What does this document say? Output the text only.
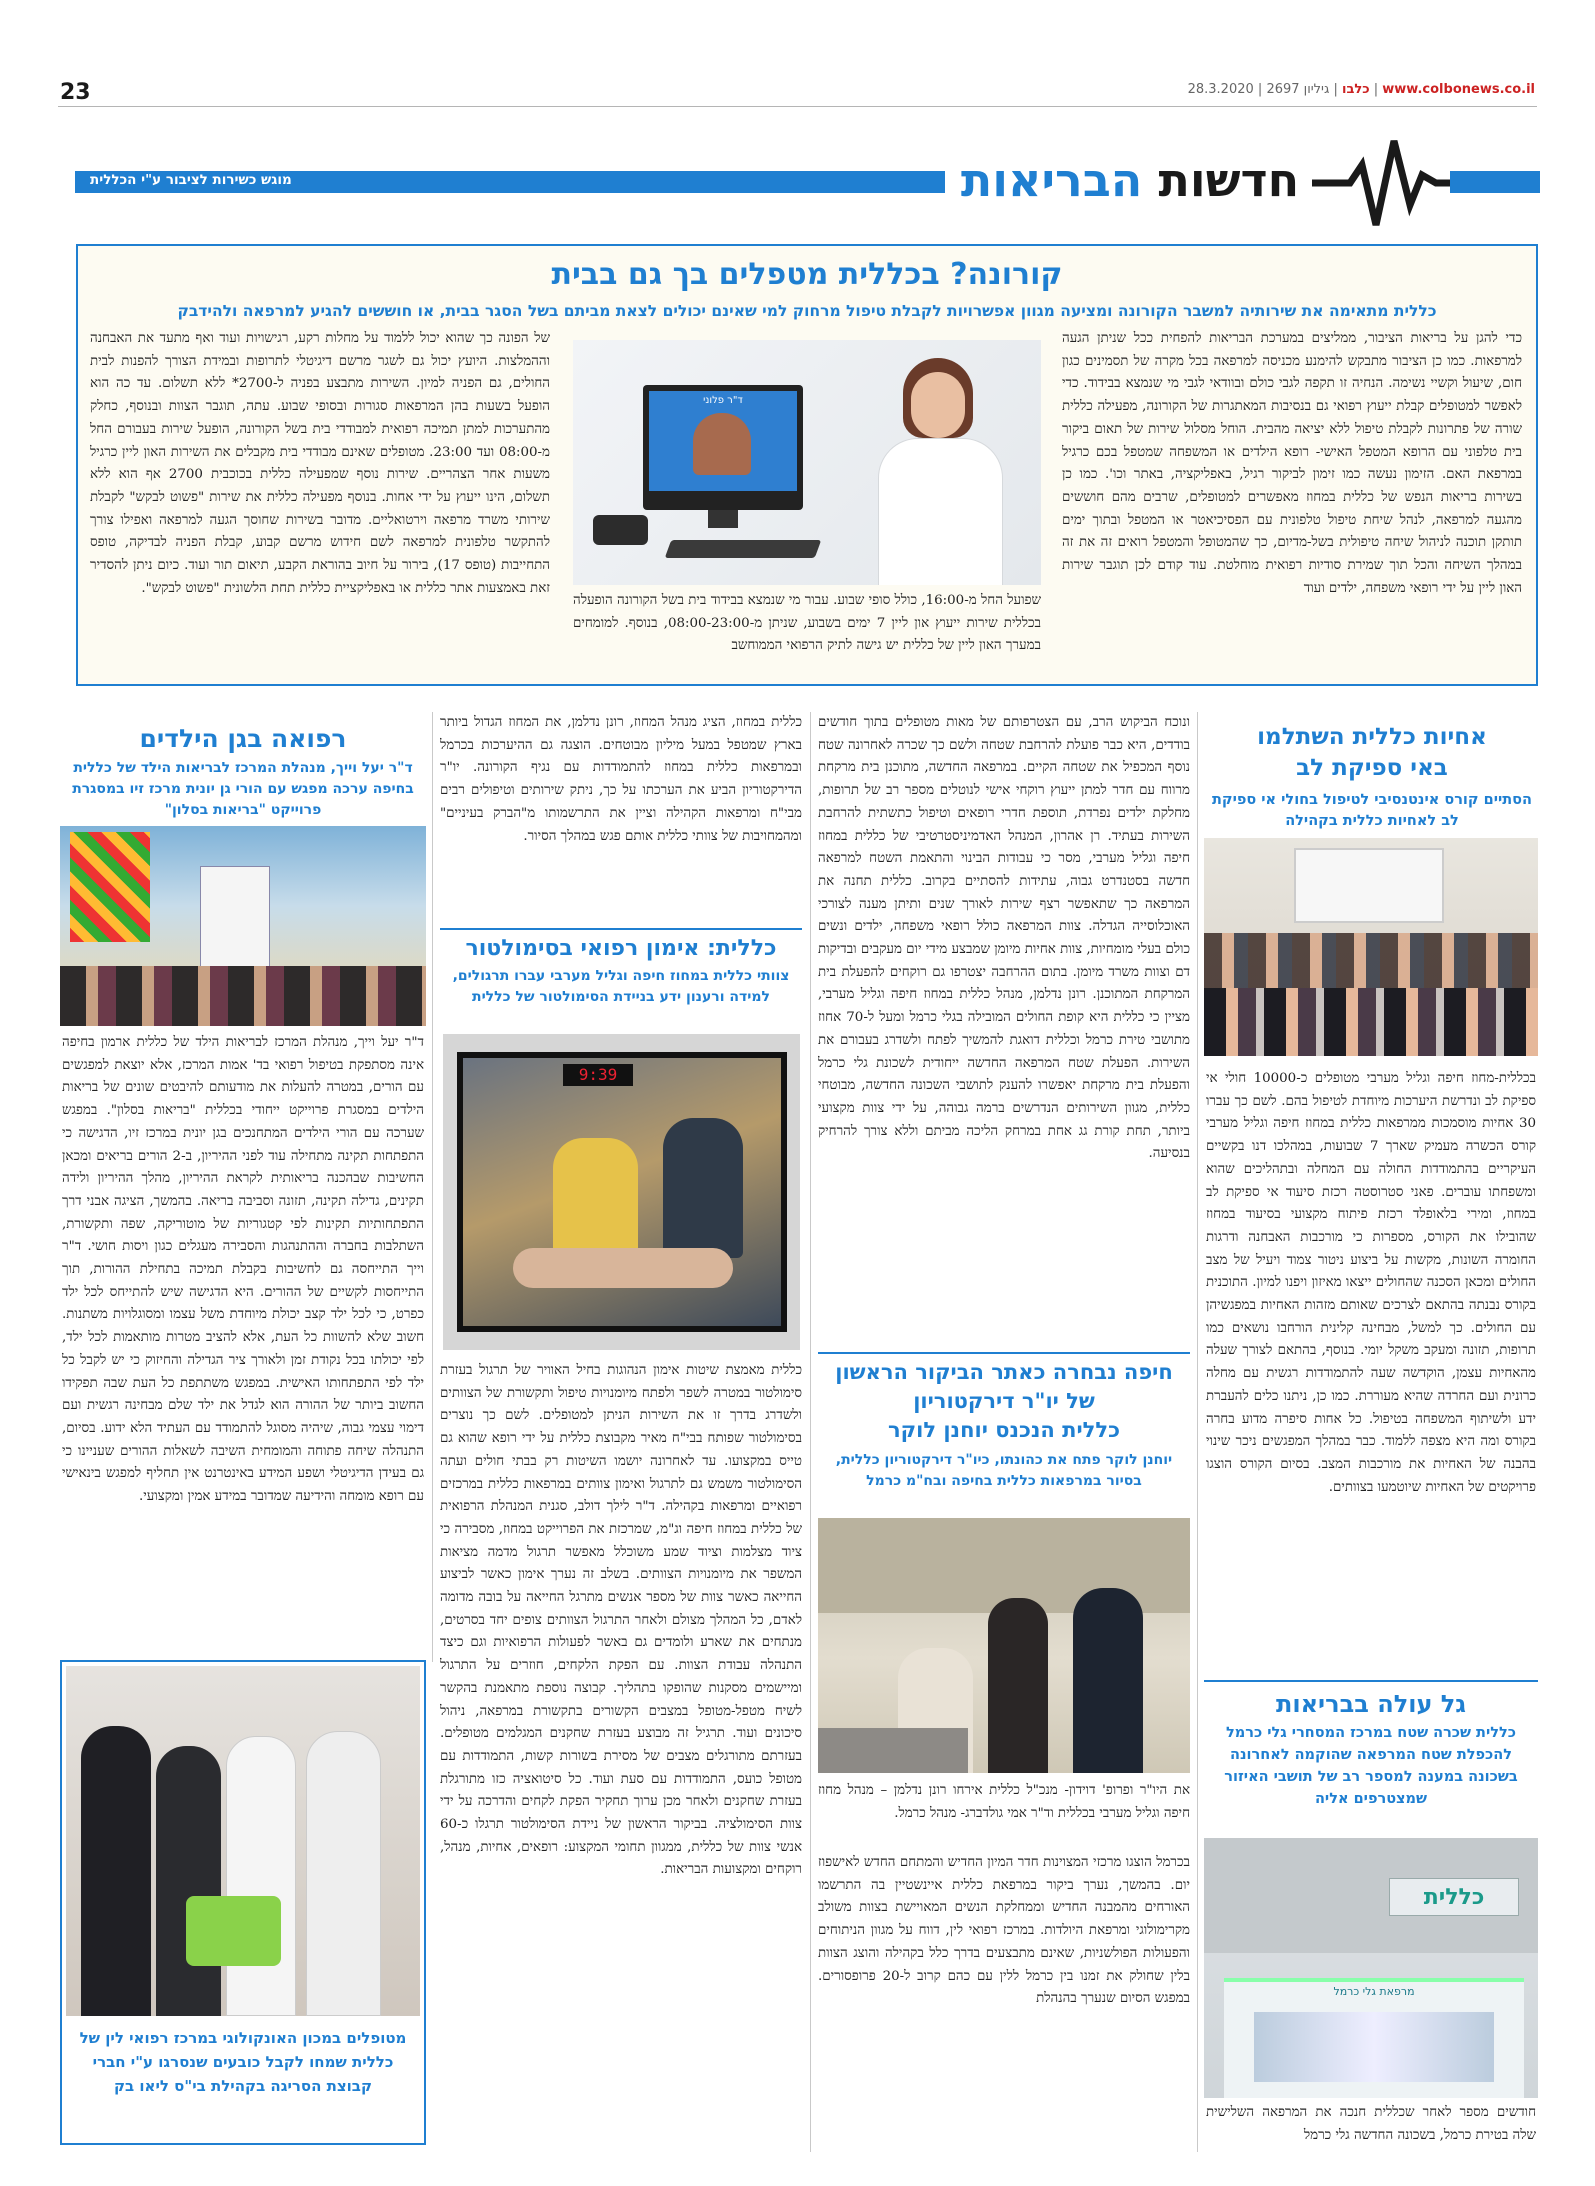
23	www.colbonews.co.il | כלבו | גיליון 2697 | 28.3.2020
מוגש כשירות לציבור ע"י הכללית	חדשות הבריאות
קורונה? בכללית מטפלים בך גם בבית
כללית מתאימה את שירותיה למשבר הקורונה ומציעה מגוון אפשרויות לקבלת טיפול מרחוק למי שאינם יכולים לצאת מביתם בשל הסגר בבית, או חוששים להגיע למרפאה ולהידבק
כדי להגן על בריאות הציבור, ממליצים במערכת הבריאות להפחית ככל שניתן הגעה למרפאות. כמו כן הציבור מתבקש להימנע מכניסה למרפאה בכל מקרה של תסמינים כגון חום, שיעול וקשיי נשימה. הנחיה זו תקפה לגבי כולם ובוודאי לגבי מי שנמצא בבידוד. כדי לאפשר למטופלים קבלת ייעוץ רפואי גם בנסיבות המאתגרות של הקורונה, מפעילה כללית שורה של פתרונות לקבלת טיפול ללא יציאה מהבית. הוחל מסלול שירות של תאום ביקור בית טלפוני עם הרופא המטפל האישי- רופא הילדים או המשפחה שמטפל בכם כרגיל במרפאת האם. הזימון נעשה כמו זימון לביקור רגיל, באפליקציה, באתר וכו'. כמו כן בשירות בריאות הנפש של כללית במחוז מאפשרים למטופלים, שרבים מהם חוששים מהגעה למרפאה, לנהל שיחת טיפול טלפונית עם הפסיכיאטר או המטפל ובתוך ימים תותקן תוכנה לניהול שיחה טיפולית בשל-מדיום, כך שהמטופל והמטפל רואים זה את זה במהלך השיחה והכל תוך שמירת סודיות רפואית מוחלטת. עוד קודם לכן תוגבר שירות האון ליין על ידי רופאי משפחה, ילדים ועוד
של הפונה כך שהוא יכול ללמוד על מחלות רקע, רגישויות ועוד ואף מתעד את האבחנה וההמלצות. היועץ יכול גם לשגר מרשם דיגיטלי לתרופות ובמידת הצורך להפנות לבית החולים, גם הפניה למיון. השירות מתבצע בפניה ל-2700* ללא תשלום. עד כה הוא הופעל בשעות בהן המרפאות סגורות ובסופי שבוע. עתה, תוגבר הצוות ובנוסף, כחלק מהתערכות למתן תמיכה רפואית למבודדי בית בשל הקורונה, הופעל שירות בעבורם החל מ-08:00 ועד 23:00. מטופלים שאינם מבודדי בית מקבלים את השירות האון ליין כרגיל משעות אחר הצהריים. שירות נוסף שמפעילה כללית בכוכבית 2700 אף הוא ללא תשלום, הינו ייעוץ על ידי אחות. בנוסף מפעילה כללית את שירות "פשוט לבקש" לקבלת שירותי משרד מרפאה וירטואליים. מדובר בשירות שחוסך הגעה למרפאה ואפילו צורך להתקשר טלפונית למרפאה לשם חידוש מרשם קבוע, קבלת הפניה לבדיקה, טופס התחייבות (טופס 17), בירור על חיוב בהוראת הקבע, תיאום תור ועוד. כיום ניתן להסדיר זאת באמצעות אתר כללית או באפליקציית כללית תחת הלשונית "פשוט לבקש".
ד"ר פלוני
שפועל החל מ-16:00, כולל סופי שבוע. עבור מי שנמצא בבידוד בית בשל הקורונה הופעלה בכללית שירות ייעוץ און ליין 7 ימים בשבוע, שניתן מ-08:00-23:00, בנוסף. למומחים במערך האון ליין של כללית יש גישה לתיק הרפואי הממוחשב
אחיות כללית השתלמו
באי ספיקת לב
הסתיים קורס אינטנסיבי לטיפול בחולי אי ספיקת לב לאחיות כללית בקהילה
בכללית-מחוז חיפה וגליל מערבי מטופלים כ-10000 חולי אי ספיקת לב ונדרשת היערכות מיוחדת לטיפול בהם. לשם כך עברו 30 אחיות מוסמכות ממרפאות כללית במחוז חיפה וגליל מערבי קורס הכשרה מעמיק שארך 7 שבועות, במהלכו דנו בקשיים העיקריים בהתמודדות החולה עם המחלה ובתהליכים שהוא ומשפחתו עוברים. פאני סטרוסטה רכזת סיעוד אי ספיקת לב במחוז, ומירי בלאופלד רכזת פיתוח מקצועי בסיעוד במחוז שהובילו את הקורס, מספרות כי מורכבות האבחנה ודרגות החומרה השונות, מקשות על ביצוע ניטור צמוד ויעיל של מצב החולים ומכאן הסכנה שהחולים ייצאו מאיזון ויפנו למיון. התוכנית בקורס נבנתה בהתאם לצרכים שאותם מזהות האחיות במפגשיהן עם החולים. כך למשל, מבחינה קלינית הורחבו נושאים כמו תרופות, תזונה ומעקב משקל יומי. בנוסף, בהתאם לצורך שעלה מהאחיות עצמן, הוקדשה שעה להתמודדות רגשית עם מחלה כרונית ועם החרדה שהיא מעוררת. כמו כן, ניתנו כלים להעברת ידע ולשיתוף המשפחה בטיפול. כל אחות סיפרה מדוע בחרה בקורס ומה היא מצפה ללמוד. כבר במהלך המפגשים ניכר שינוי בהבנה של האחיות את מורכבות המצב. בסיום הקורס הוצגו פרויקטים של האחיות שיוטמעו בצוותים.
גל עולה בבריאות
כללית שכרה שטח במרכז המסחרי גלי כרמל להכפלת שטח המרפאה שהוקמה לאחרונה בשכונה במענה למספר רב של תושבי האיזור שמצטרפים אליה
כללית
מרפאת גלי כרמל
חודשים מספר לאחר שכללית חנכה את המרפאה השלישית שלה בטירת כרמל, בשכונה החדשה גלי כרמל
ונוכח הביקוש הרב, עם הצטרפותם של מאות מטופלים בתוך חודשים בודדים, היא כבר פועלת להרחבת שטחה ולשם כך שכרה לאחרונה שטח נוסף המכפיל את שטחה הקיים. במרפאה החדשה, מתוכנן בית מרקחת מרווח עם חדר למתן ייעוץ רוקחי אישי לנוטלים מספר רב של תרופות, מחלקת ילדים נפרדת, תוספת חדרי רופאים וטיפול כתשתית להרחבת השירות בעתיד. רן אהרון, המנהל האדמיניסטרטיבי של כללית במחוז חיפה וגליל מערבי, מסר כי עבודות הבינוי והתאמת השטח למרפאה חדשה בסטנדרט גבוה, עתידות להסתיים בקרוב. כללית תחנה את המרפאה כך שתאפשר רצף שירות לאורך שנים ותיתן מענה לצורכי האוכלוסייה הגדלה. צוות המרפאה כולל רופאי משפחה, ילדים ונשים כולם בעלי מומחיות, צוות אחיות מיומן שמבצע מידי יום מעקבים ובדיקות דם וצוות משרד מיומן. בתום ההרחבה יצטרפו גם רוקחים להפעלת בית המרקחת המתוכנן. רונן נדלמן, מנהל כללית במחוז חיפה וגליל מערבי, מציין כי כללית היא קופת החולים המובילה בגלי כרמל ומעל ל-70 אחוז מתושבי טירת כרמל וכללית דואגת להמשיך לפתח ולשדרג בעבורם את השירות. הפעלת שטח המרפאה החדשה ייחודית לשכונת גלי כרמל והפעלת בית מרקחת יאפשרו להענק לתושבי השכונה החדשה, מבוטחי כללית, מגוון השירותים הנדרשים ברמה גבוהה, על ידי צוות מקצועי ביותר, תחת קורת גג אחת במרחק הליכה מביתם וללא צורך להרחיק בנסיעה.
חיפה נבחרה כאתר הביקור הראשון
של יו"ר דירקטוריון
כללית הנכנס יוחנן לוקר
יוחנן לוקר פתח את כהונתו, כיו"ר דירקטוריון כללית, בסיור במרפאות כללית בחיפה ובח"מ כרמל
את היו"ר ופרופ' דוידון- מנכ"ל כללית אירחו רונן נדלמן – מנהל מחוז חיפה וגליל מערבי בכללית וד"ר אמי גולדברג- מנהל כרמל.
בכרמל הוצגו מרכזי המצוינות חדר המיון החדיש והמתחם החדש לאישפוז יום. בהמשך, נערך ביקור במרפאת כללית איינשטיין בה התרשמו האורחים מהמבנה החדיש וממחלקת הנשים המאויישת בצוות משולב מקרימולוגי ומרפאת היולדות. במרכז רפואי לין, דווח על מגוון הניתוחים והפעולות הפולשניות, שאינם מתבצעים בדרך כלל בקהילה והוצג הצוות בלין שחולק את זמנו בין כרמל ללין עם כהם קרוב ל-20 פרופסורים. במפגש הסיום שנערך בהנהלת
כללית במחוז, הציג מנהל המחוז, רונן נדלמן, את המחוז הגדול ביותר בארץ שמטפל במעל מיליון מבוטחים. הוצגה גם ההיערכות בכרמל ובמרפאות כללית במחוז להתמודדות עם נגיף הקורונה. יו"ר הדירקטוריון הביע את הערכתו על כך, ניתק שירותים וטיפולים רבים מבי"ח ומרפאות הקהילה וציין את התרשמותו מ"הברק בעיניים" ומהמחויבות של צוותי כללית אותם פגש במהלך הסיור.
כללית: אימון רפואי בסימולטור
צוותי כללית במחוז חיפה וגליל מערבי עברו תרגולים, למידה ורענון ידע בניידת הסימולטור של כללית
9:39
כללית מאמצת שיטות אימון הנהוגות בחיל האוויר של תרגול בעזרת סימולטור במטרה לשפר ולפתח מיומנויות טיפול ותקשורת של הצוותים ולשדרג בדרך זו את השירות הניתן למטופלים. לשם כך נוצרים בסימולטור שפותח בבי"ח מאיר מקבוצת כללית על ידי רופא שהוא גם טייס במקצועו. עד לאחרונה יושמו השיטות רק בבתי חולים ועתה הסימולטור משמש גם לתרגול ואימון צוותים במרפאות כללית במרכזים רפואיים ומרפאות בקהילה. ד"ר לילך דולב, סגנית המנהלת הרפואית של כללית במחוז חיפה וג"מ, שמרכזת את הפרוייקט במחוז, מסבירה כי ציוד מצלמות וציוד שמע משוכלל מאפשר תרגול מדמה מציאות המשפר את מיומנויות הצוותים. בשלב זה נערך אימון כאשר לביצוע החייאה כאשר צוות של מספר אנשים מתרגל החייאה על בובה מדומה לאדם, כל המהלך מצולם ולאחר התרגול הצוותים צופים יחד בסרטים, מנתחים את שארע ולומדים גם באשר לפעולות הרפואיות וגם כיצד התנהלה עבודת הצוות. עם הפקת הלקחים, חוזרים על התרגול ומיישמים מסקנות שהופקו בתהליך. קבוצה נוספת מתאמנת בהקשר לשיח מטפל-מטופל במצבים הקשורים בתקשורת במרפאה, ניהול סיכונים ועוד. תרגיל זה מבוצע בעזרת שחקנים המגלמים מטופלים. בעזרתם מתורגלים מצבים של מסירת בשורות קשות, התמודדות עם מטופל כועס, התמודדות עם סעת ועוד. כל סיטואציה כזו מתורגלת בעזרת שחקנים ולאחר מכן ערוך תחקיר הפקת לקחים והדרכה על ידי צוות הסימולציה. בביקור הראשון של ניידת הסימולטור תרגלו כ-60 אנשי צוות של כללית, ממגוון תחומי המקצוע: רופאים, אחיות, מנהל, רוקחים ומקצועות הבריאות.
רפואה בגן הילדים
ד"ר יעל וייך, מנהלת המרכז לבריאות הילד של כללית בחיפה ערכה מפגש עם הורי גן יונית מרכז זיו במסגרת פרוייקט "בריאות בסלון"
ד"ר יעל וייך, מנהלת המרכז לבריאות הילד של כללית ארמון בחיפה אינה מסתפקת בטיפול רפואי בד' אמות המרכז, אלא יוצאת למפגשים עם הורים, במטרה להעלות את מודעותם להיבטים שונים של בריאות הילדים במסגרת פרוייקט ייחודי בכללית "בריאות בסלון". במפגש שערכה עם הורי הילדים המתחנכים בגן יונית במרכז זיו, הדגישה כי התפתחות תקינה מתחילה עוד לפני ההיריון, ב-2 הורים בריאים ומכאן החשיבות שבהכנה בריאותית לקראת ההיריון, מהלך ההיריון ולידה תקינים, גדילה תקינה, תזונה וסביבה בריאה. בהמשך, הציגה אבני דרך התפתחותיות תקינות לפי קטגוריות של מוטוריקה, שפה ותקשורת, השתלבות בחברה וההתנהגות והסבירה מעגלים כגון ויסות חושי. ד"ר וייך התייחסה גם לחשיבות בקבלת תמיכה בתחילת ההורות, תוך התייחסות לקשיים של ההורים. היא הדגישה שיש להתייחס לכל ילד כפרט, כי לכל ילד קצב יכולת מיוחדת משל עצמו ומסוגלויות משתנות. חשוב שלא להשוות כל העת, אלא להציב מטרות מותאמות לכל ילד, לפי יכולתו בכל נקודת זמן ולאורך ציר הגדילה והחיזוק כי יש לקבל כל ילד לפי התפתחותו האישית. במפגש משתתפת כל העת שבה תפקידו החשוב ביותר של ההורה הוא לגדל את ילד שלם מבחינה רגשית ועם דימוי עצמי גבוה, שיהיה מסוגל להתמודד עם העתיד הלא ידוע. בסיום, התנהלה שיחה פתוחה והמומחית השיבה לשאלות ההורים שעניינו כי גם בעידן הדיגיטלי ושפע המידע באינטרנט אין תחליף למפגש בינאישי עם רופא מומחה והידיעה שמדובר במידע אמין ומקצועי.
מטופלים במכון האונקולוגי במרכז רפואי לין של כללית שמחו לקבל כובעים שנסרגו ע"י חברי קבוצת הסריגה בקהילת בי"ס ליאו בק
